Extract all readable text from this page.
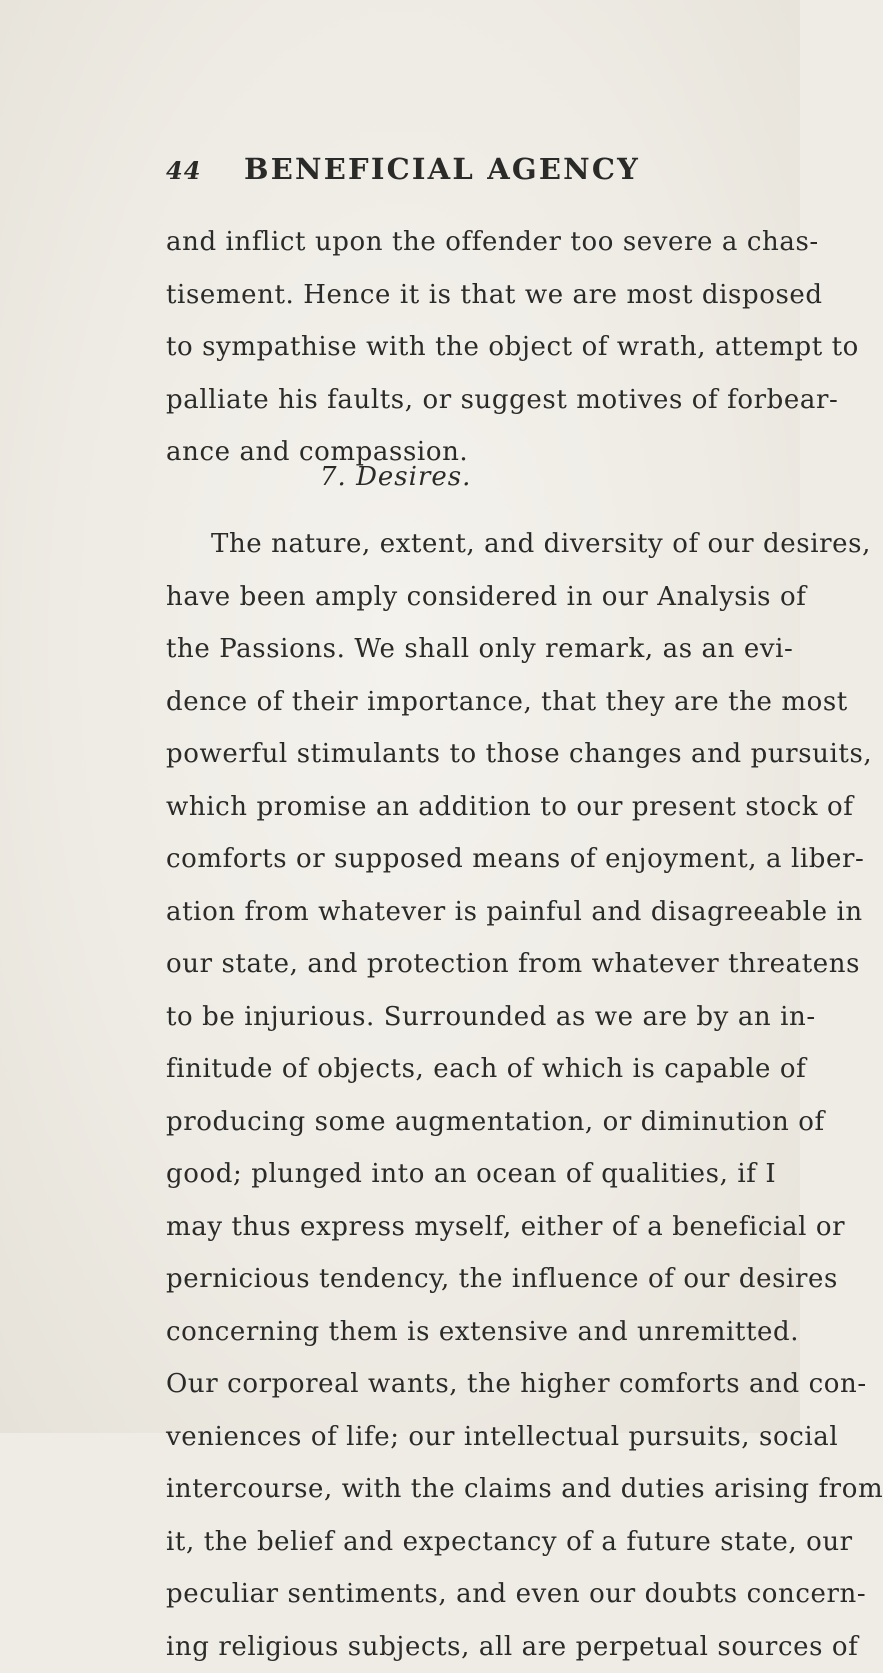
44 BENEFICIAL AGENCY
and inflict upon the offender too severe a chas-
tisement. Hence it is that we are most disposed
to sympathise with the object of wrath, attempt to
palliate his faults, or suggest motives of forbear-
ance and compassion.
7. Desires.
The nature, extent, and diversity of our desires,
have been amply considered in our Analysis of
the Passions. We shall only remark, as an evi-
dence of their importance, that they are the most
powerful stimulants to those changes and pursuits,
which promise an addition to our present stock of
comforts or supposed means of enjoyment, a liber-
ation from whatever is painful and disagreeable in
our state, and protection from whatever threatens
to be injurious. Surrounded as we are by an in-
finitude of objects, each of which is capable of
producing some augmentation, or diminution of
good; plunged into an ocean of qualities, if I
may thus express myself, either of a beneficial or
pernicious tendency, the influence of our desires
concerning them is extensive and unremitted.
Our corporeal wants, the higher comforts and con-
veniences of life; our intellectual pursuits, social
intercourse, with the claims and duties arising from
it, the belief and expectancy of a future state, our
peculiar sentiments, and even our doubts concern-
ing religious subjects, all are perpetual sources of
